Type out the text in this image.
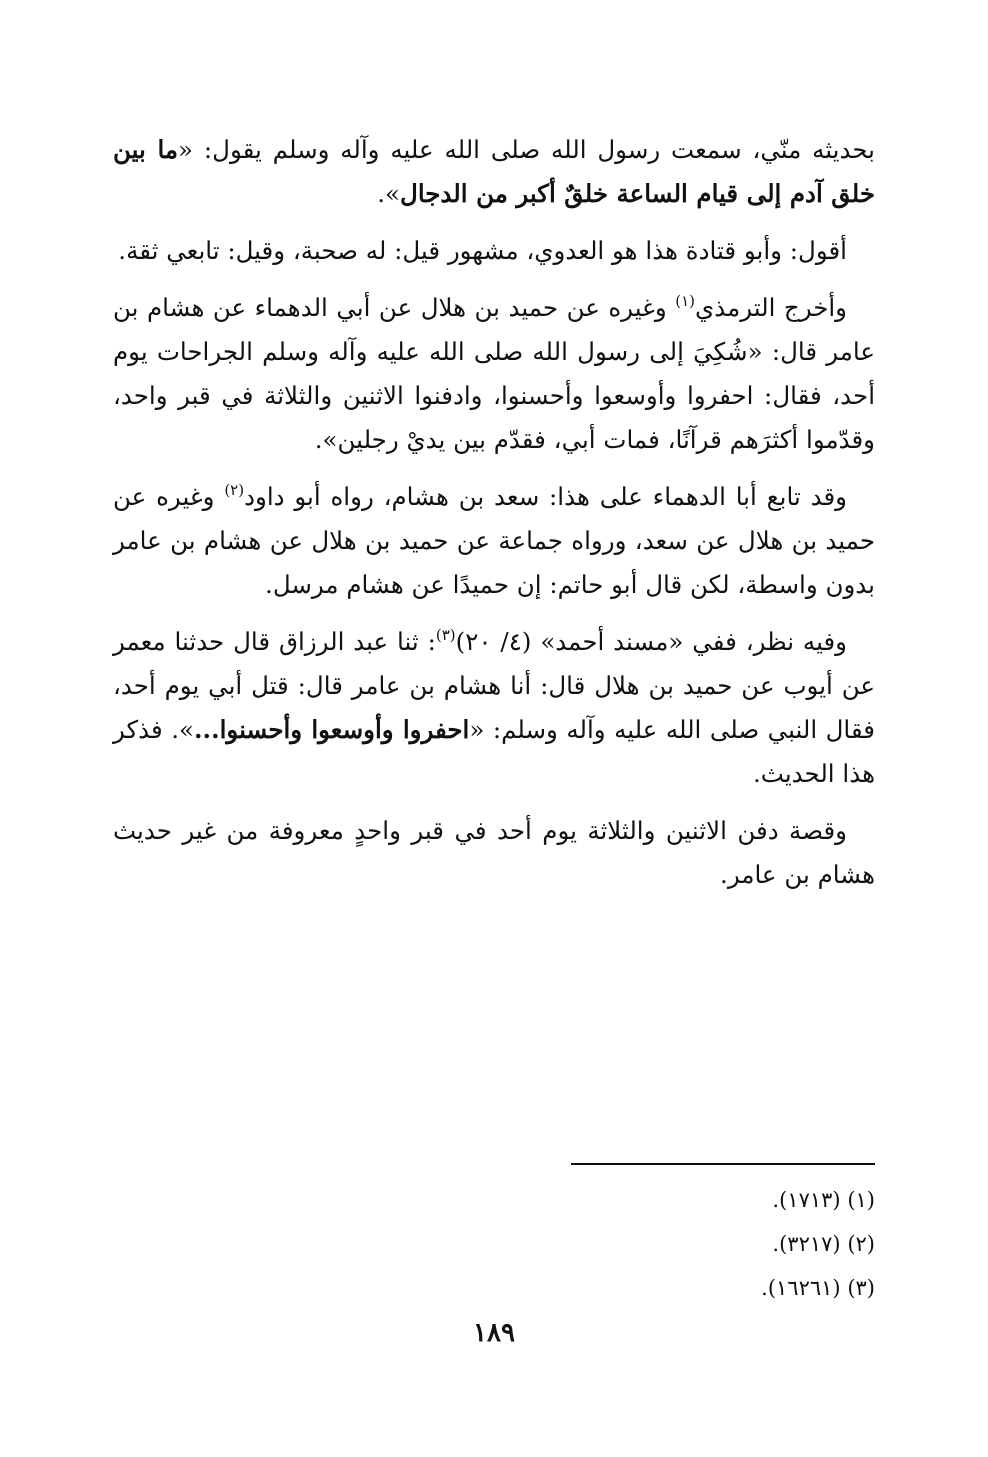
بحديثه منّي، سمعت رسول الله صلى الله عليه وآله وسلم يقول: «ما بين خلق آدم إلى قيام الساعة خلقٌ أكبر من الدجال».

أقول: وأبو قتادة هذا هو العدوي، مشهور قيل: له صحبة، وقيل: تابعي ثقة.

وأخرج الترمذي$^{(١)}$ وغيره عن حميد بن هلال عن أبي الدهماء عن هشام بن عامر قال: «شُكِيَ إلى رسول الله صلى الله عليه وآله وسلم الجراحات يوم أحد، فقال: احفروا وأوسعوا وأحسنوا، وادفنوا الاثنين والثلاثة في قبر واحد، وقدّموا أكثرَهم قرآنًا، فمات أبي، فقدّم بين يديْ رجلين».

وقد تابع أبا الدهماء على هذا: سعد بن هشام، رواه أبو داود$^{(٢)}$ وغيره عن حميد بن هلال عن سعد، ورواه جماعة عن حميد بن هلال عن هشام بن عامر بدون واسطة، لكن قال أبو حاتم: إن حميدًا عن هشام مرسل.

وفيه نظر، ففي «مسند أحمد» (٤/ ٢٠)$^{(٣)}$: ثنا عبد الرزاق قال حدثنا معمر عن أيوب عن حميد بن هلال قال: أنا هشام بن عامر قال: قتل أبي يوم أحد، فقال النبي صلى الله عليه وآله وسلم: «احفروا وأوسعوا وأحسنوا...». فذكر هذا الحديث.

وقصة دفن الاثنين والثلاثة يوم أحد في قبر واحدٍ معروفة من غير حديث هشام بن عامر.

(١) (١٧١٣).

(٢) (٣٢١٧).

(٣) (١٦٢٦١).

١٨٩
